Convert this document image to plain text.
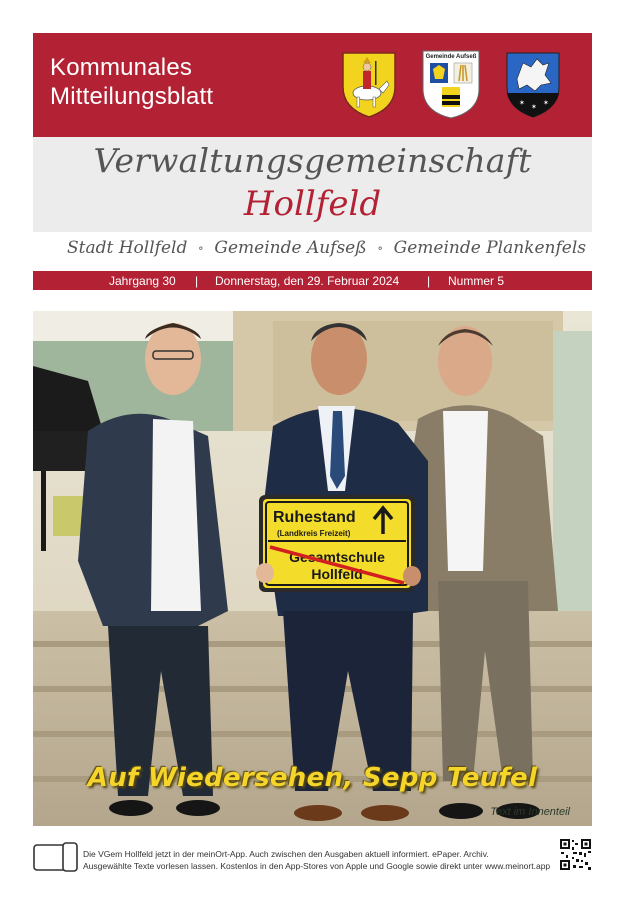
Kommunales
Mitteilungsblatt
Gemeinde Aufseß
✶ ✶ ✶
Verwaltungsgemeinschaft
Hollfeld
Stadt Hollfeld ∘ Gemeinde Aufseß ∘ Gemeinde Plankenfels
Jahrgang 30 | Donnerstag, den 29. Februar 2024 | Nummer 5
Ruhestand
(Landkreis Freizeit)
Gesamtschule
Hollfeld
Auf Wiedersehen, Sepp Teufel
Text im Innenteil
Die VGem Hollfeld jetzt in der meinOrt-App. Auch zwischen den Ausgaben aktuell informiert. ePaper. Archiv.
Ausgewählte Texte vorlesen lassen. Kostenlos in den App-Stores von Apple und Google sowie direkt unter www.meinort.app
